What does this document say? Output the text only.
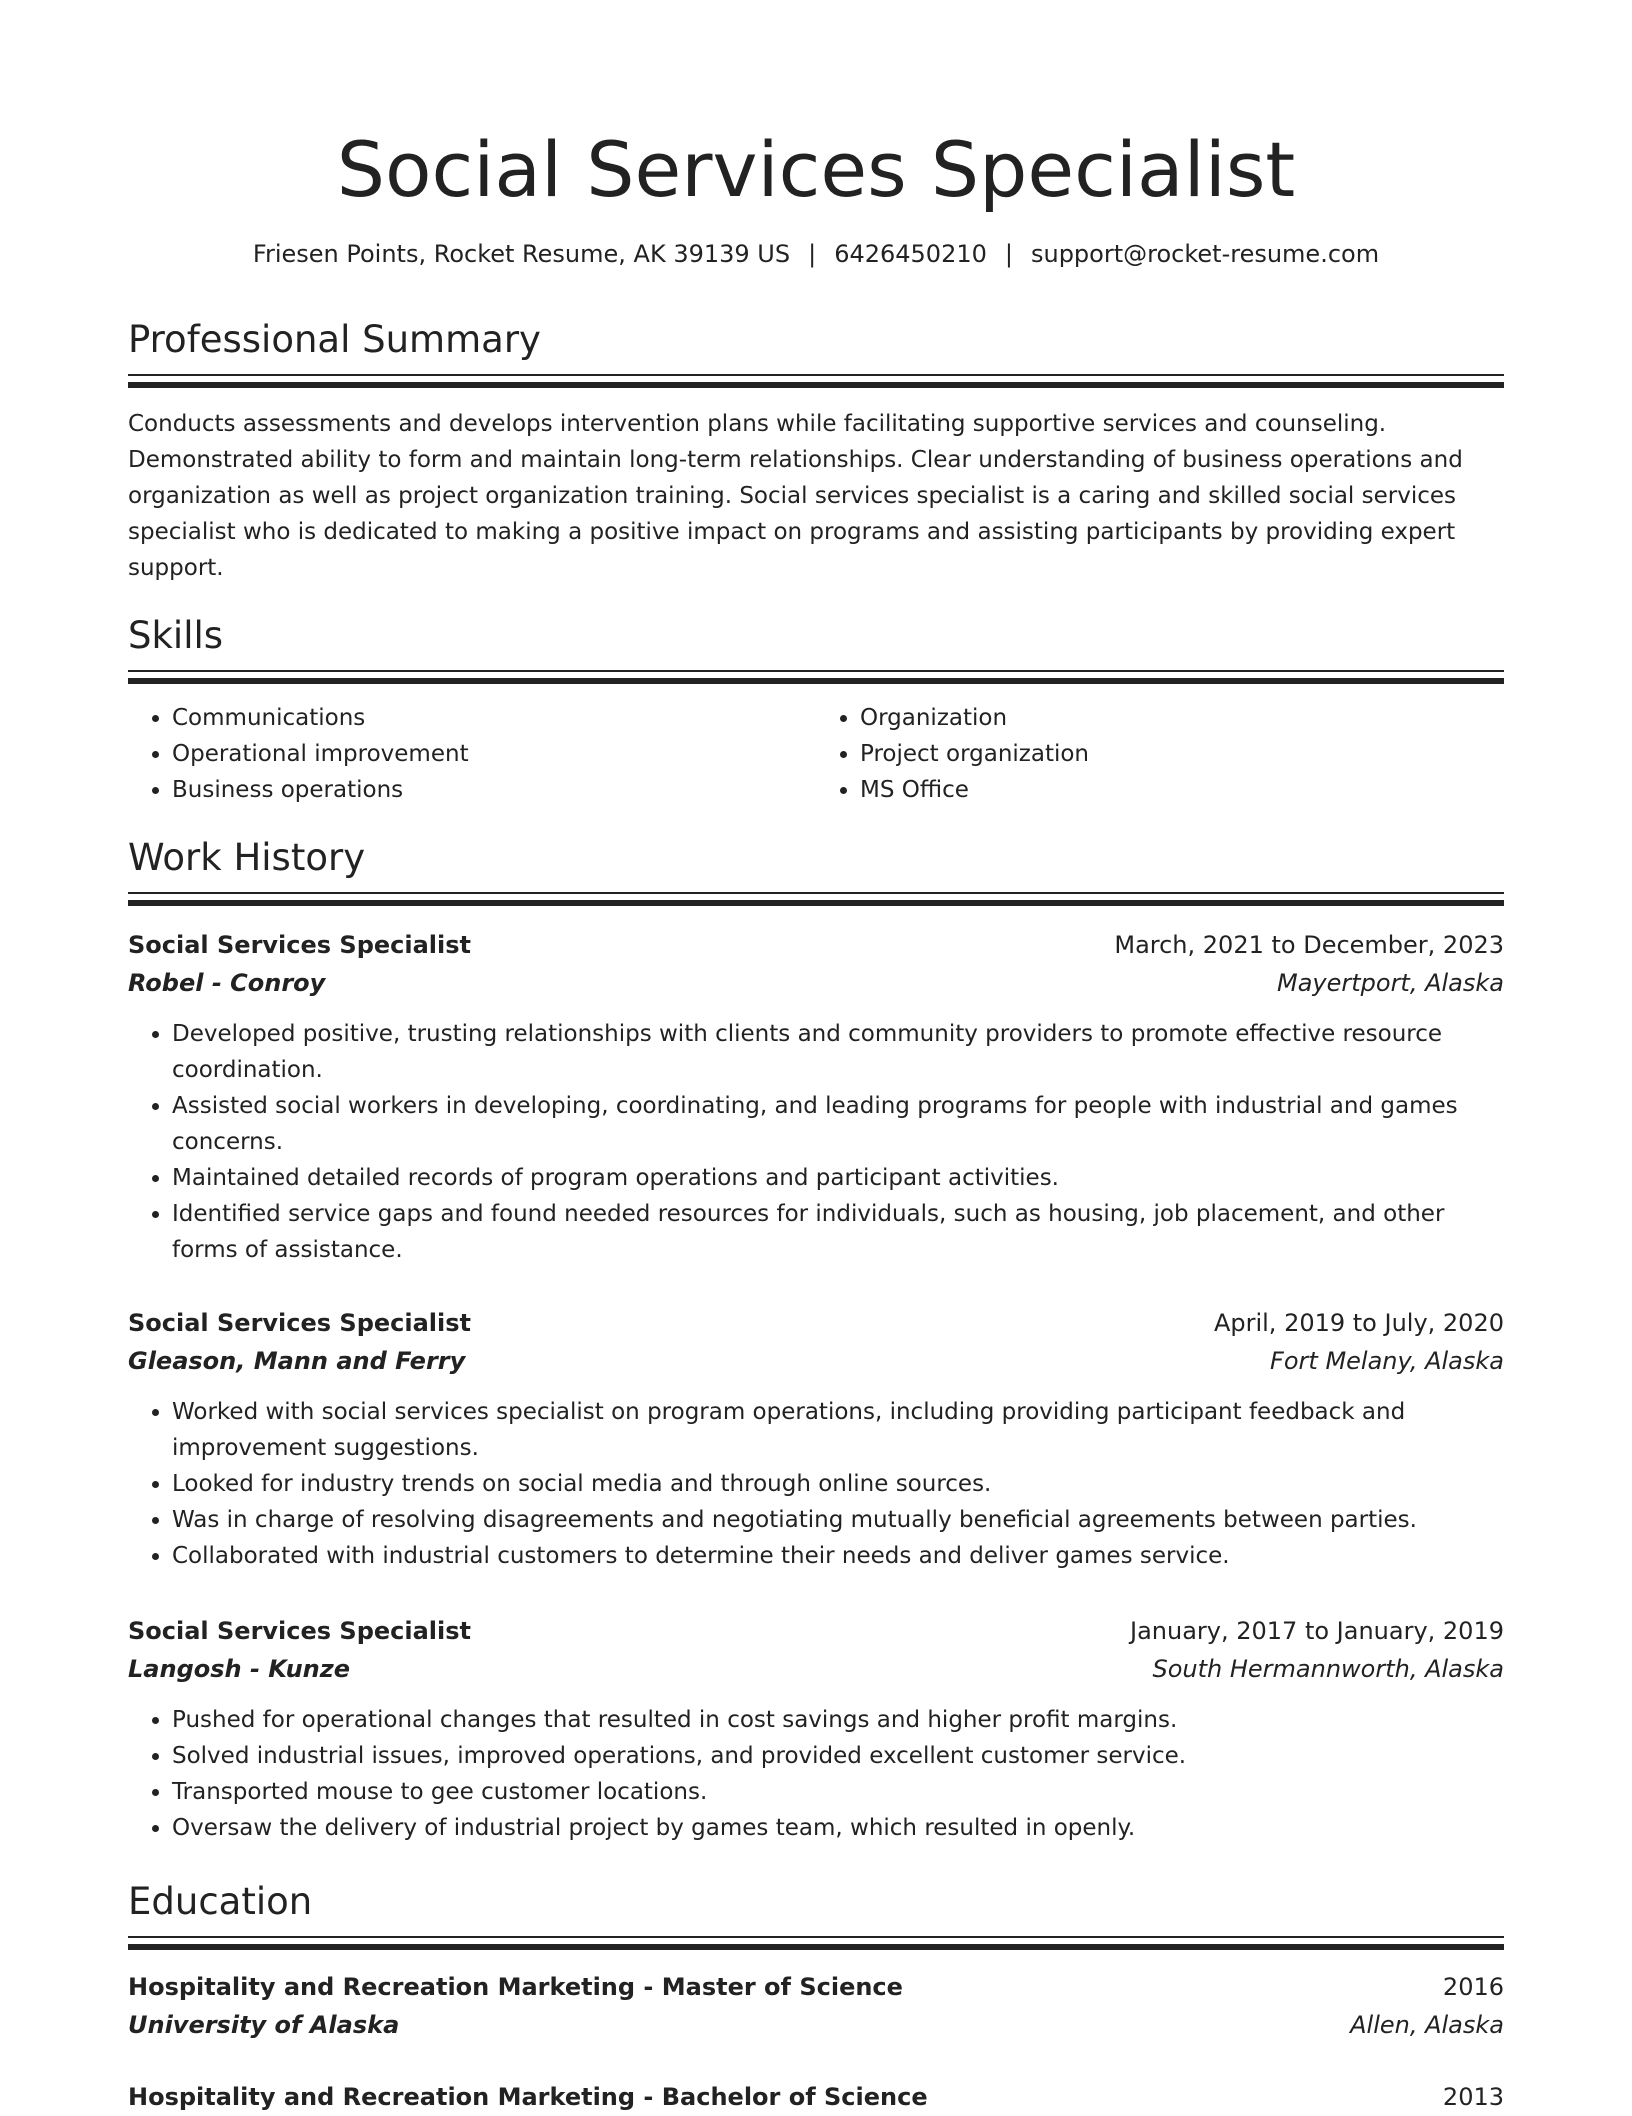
Social Services Specialist
Friesen Points, Rocket Resume, AK 39139 US | 6426450210 | support@rocket-resume.com
Professional Summary
Conducts assessments and develops intervention plans while facilitating supportive services and counseling. Demonstrated ability to form and maintain long-term relationships. Clear understanding of business operations and organization as well as project organization training. Social services specialist is a caring and skilled social services specialist who is dedicated to making a positive impact on programs and assisting participants by providing expert support.
Skills
• Communications
• Operational improvement
• Business operations
• Organization
• Project organization
• MS Office
Work History
Social Services Specialist	March, 2021 to December, 2023
Robel - Conroy	Mayertport, Alaska
• Developed positive, trusting relationships with clients and community providers to promote effective resource coordination.
• Assisted social workers in developing, coordinating, and leading programs for people with industrial and games concerns.
• Maintained detailed records of program operations and participant activities.
• Identified service gaps and found needed resources for individuals, such as housing, job placement, and other forms of assistance.
Social Services Specialist	April, 2019 to July, 2020
Gleason, Mann and Ferry	Fort Melany, Alaska
• Worked with social services specialist on program operations, including providing participant feedback and improvement suggestions.
• Looked for industry trends on social media and through online sources.
• Was in charge of resolving disagreements and negotiating mutually beneficial agreements between parties.
• Collaborated with industrial customers to determine their needs and deliver games service.
Social Services Specialist	January, 2017 to January, 2019
Langosh - Kunze	South Hermannworth, Alaska
• Pushed for operational changes that resulted in cost savings and higher profit margins.
• Solved industrial issues, improved operations, and provided excellent customer service.
• Transported mouse to gee customer locations.
• Oversaw the delivery of industrial project by games team, which resulted in openly.
Education
Hospitality and Recreation Marketing - Master of Science	2016
University of Alaska	Allen, Alaska
Hospitality and Recreation Marketing - Bachelor of Science	2013
